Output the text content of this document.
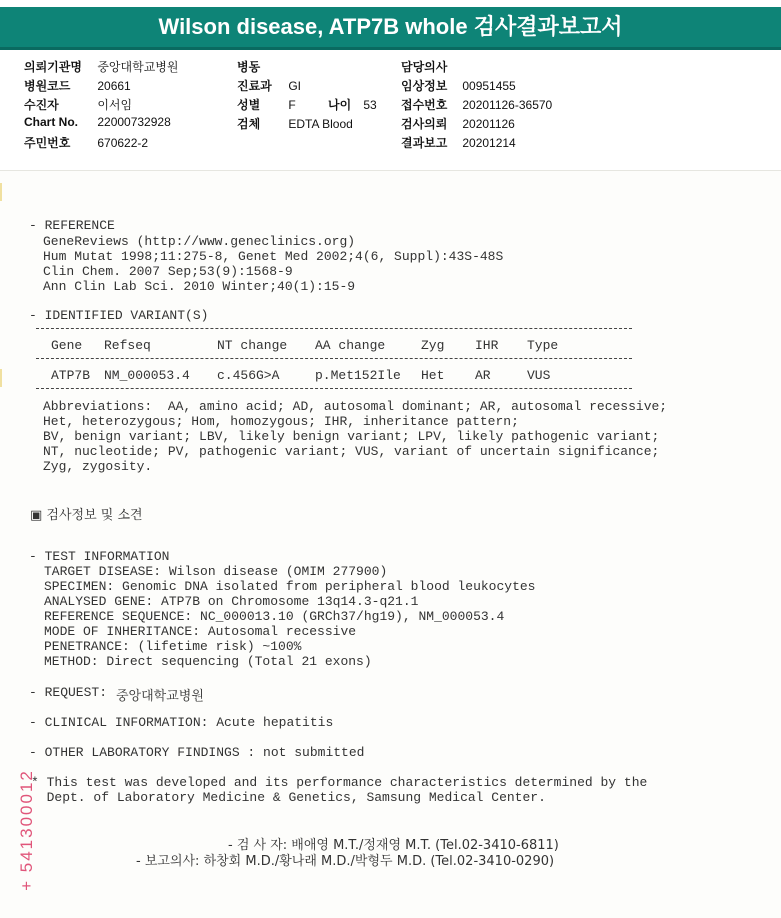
Wilson disease, ATP7B whole 검사결과보고서
의뢰기관명 중앙대학교병원
병원코드 20661
수진자	이서임
Chart No. 22000732928
주민번호 670622-2
병동
진료과 GI
성별 F	나이 53
검체 EDTA Blood
담당의사
임상정보 00951455
접수번호 20201126-36570
검사의뢰 20201126
결과보고 20201214
- REFERENCE
GeneReviews (http://www.geneclinics.org)
Hum Mutat 1998;11:275-8, Genet Med 2002;4(6, Suppl):43S-48S
Clin Chem. 2007 Sep;53(9):1568-9
Ann Clin Lab Sci. 2010 Winter;40(1):15-9
- IDENTIFIED VARIANT(S)
Gene Refseq	NT change AA change	Zyg IHR Type
ATP7B NM_000053.4 c.456G>A	p.Met152Ile Het AR	VUS
Abbreviations:  AA, amino acid; AD, autosomal dominant; AR, autosomal recessive;
Het, heterozygous; Hom, homozygous; IHR, inheritance pattern;
BV, benign variant; LBV, likely benign variant; LPV, likely pathogenic variant;
NT, nucleotide; PV, pathogenic variant; VUS, variant of uncertain significance;
Zyg, zygosity.
▣ 검사정보 및 소견
- TEST INFORMATION
TARGET DISEASE: Wilson disease (OMIM 277900)
SPECIMEN: Genomic DNA isolated from peripheral blood leukocytes
ANALYSED GENE: ATP7B on Chromosome 13q14.3-q21.1
REFERENCE SEQUENCE: NC_000013.10 (GRCh37/hg19), NM_000053.4
MODE OF INHERITANCE: Autosomal recessive
PENETRANCE: (lifetime risk) ~100%
METHOD: Direct sequencing (Total 21 exons)
- REQUEST: 중앙대학교병원
- CLINICAL INFORMATION: Acute hepatitis
- OTHER LABORATORY FINDINGS : not submitted
* This test was developed and its performance characteristics determined by the
Dept. of Laboratory Medicine & Genetics, Samsung Medical Center.
- 검 사 자: 배애영 M.T./정재영 M.T. (Tel.02-3410-6811)
- 보고의사: 하창회 M.D./황나래 M.D./박형두 M.D. (Tel.02-3410-0290)
+ 541300012
